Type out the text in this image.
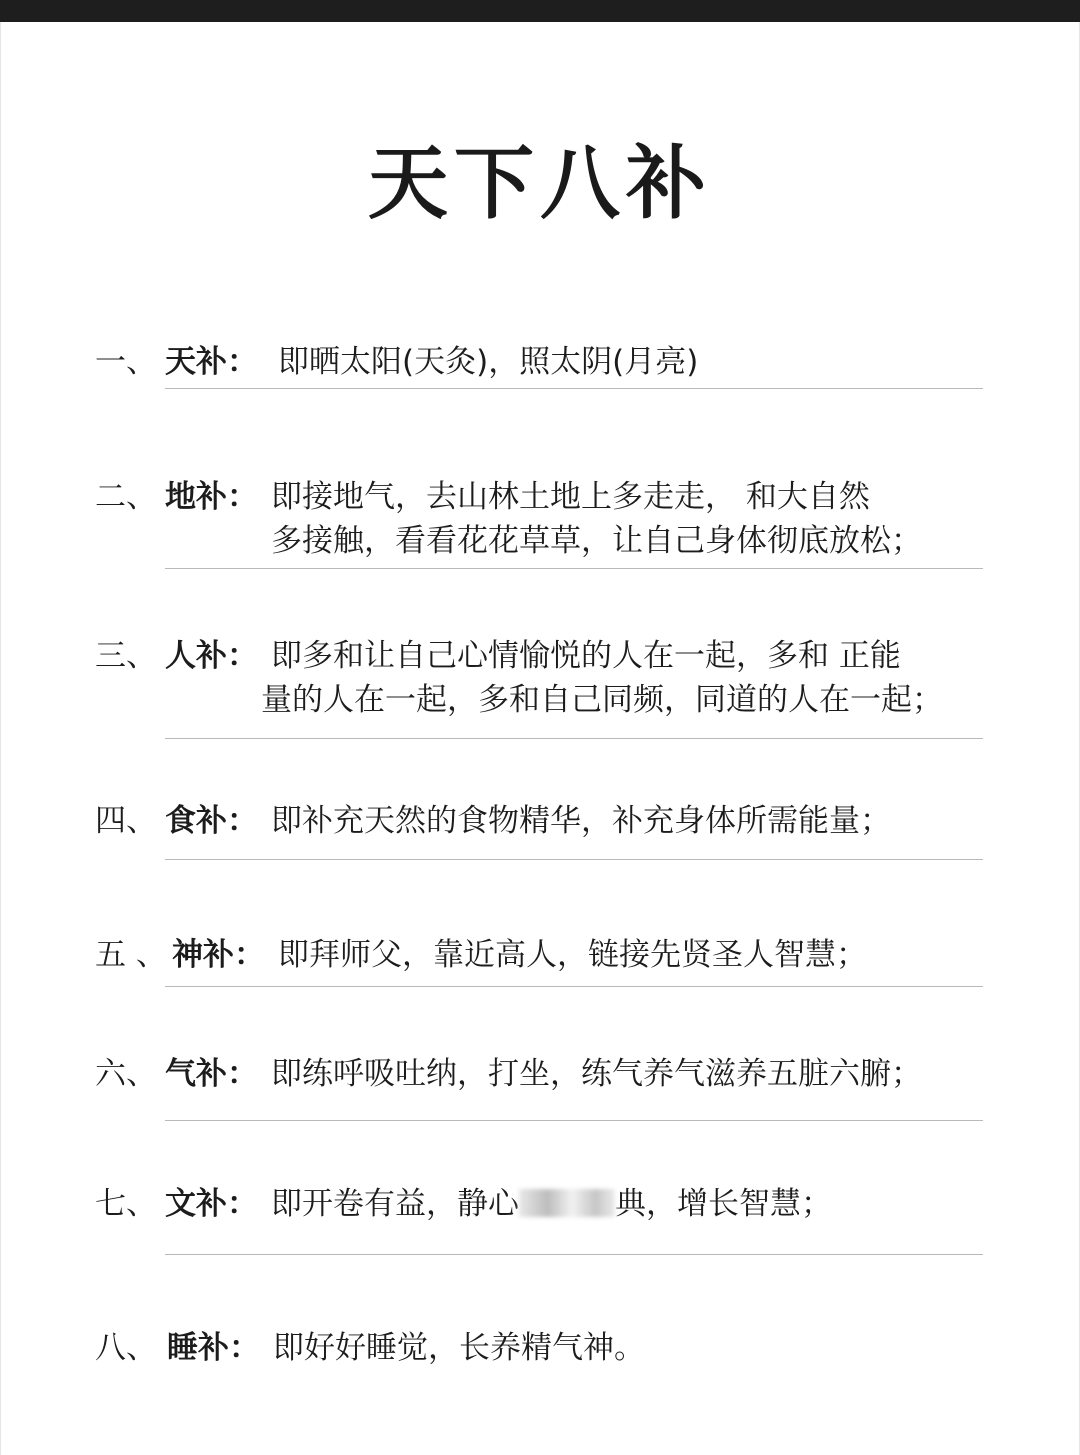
天下八补
一、 天补： 即晒太阳(天灸)，照太阴(月亮)
二、 地补： 即接地气，去山林土地上多走走， 和大自然
多接触，看看花花草草，让自己身体彻底放松；
三、 人补： 即多和让自己心情愉悦的人在一起，多和 正能
量的人在一起，多和自己同频，同道的人在一起；
四、 食补： 即补充天然的食物精华，补充身体所需能量；
五 、 神补： 即拜师父，靠近高人，链接先贤圣人智慧；
六、 气补： 即练呼吸吐纳，打坐，练气养气滋养五脏六腑；
七、 文补： 即开卷有益，静心	典，增长智慧；
八、 睡补： 即好好睡觉，长养精气神。
